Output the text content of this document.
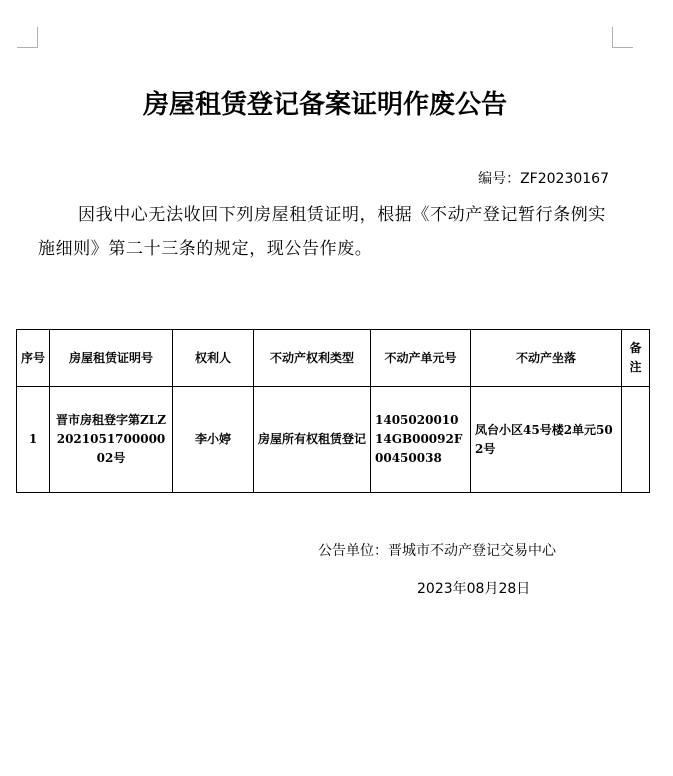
房屋租赁登记备案证明作废公告
编号：ZF20230167
因我中心无法收回下列房屋租赁证明，根据《不动产登记暂行条例实施细则》第二十三条的规定，现公告作废。
序号	房屋租赁证明号	权利人	不动产权利类型	不动产单元号	不动产坐落	备注
1	晋市房租登字第ZLZ202105170000002号	李小婷	房屋所有权租赁登记	140502001014GB00092F00450038	凤台小区45号楼2单元502号	
公告单位：晋城市不动产登记交易中心
2023年08月28日
